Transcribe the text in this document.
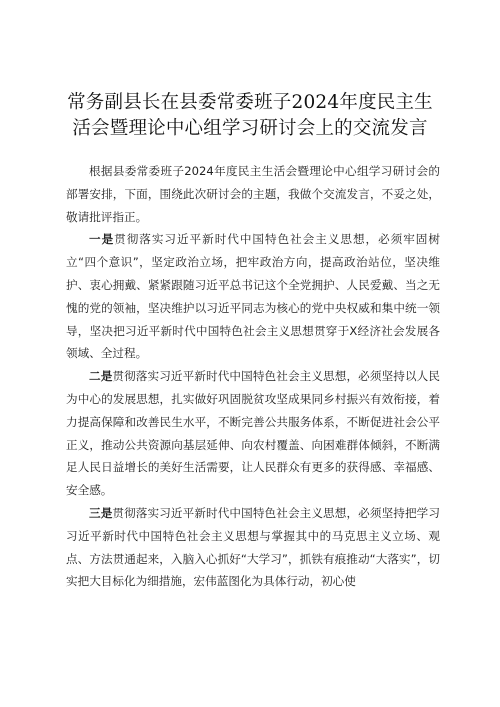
常务副县长在县委常委班子2024年度民主生
活会暨理论中心组学习研讨会上的交流发言

根据县委常委班子2024年度民主生活会暨理论中心组学习研讨会的部署安排，下面，围绕此次研讨会的主题，我做个交流发言，不妥之处，敬请批评指正。

一是贯彻落实习近平新时代中国特色社会主义思想，必须牢固树立“四个意识”，坚定政治立场，把牢政治方向，提高政治站位，坚决维护、衷心拥戴、紧紧跟随习近平总书记这个全党拥护、人民爱戴、当之无愧的党的领袖，坚决维护以习近平同志为核心的党中央权威和集中统一领导，坚决把习近平新时代中国特色社会主义思想贯穿于X经济社会发展各领域、全过程。

二是贯彻落实习近平新时代中国特色社会主义思想，必须坚持以人民为中心的发展思想，扎实做好巩固脱贫攻坚成果同乡村振兴有效衔接，着力提高保障和改善民生水平，不断完善公共服务体系，不断促进社会公平正义，推动公共资源向基层延伸、向农村覆盖、向困难群体倾斜，不断满足人民日益增长的美好生活需要，让人民群众有更多的获得感、幸福感、安全感。

三是贯彻落实习近平新时代中国特色社会主义思想，必须坚持把学习习近平新时代中国特色社会主义思想与掌握其中的马克思主义立场、观点、方法贯通起来，入脑入心抓好“大学习”，抓铁有痕推动“大落实”，切实把大目标化为细措施，宏伟蓝图化为具体行动，初心使
